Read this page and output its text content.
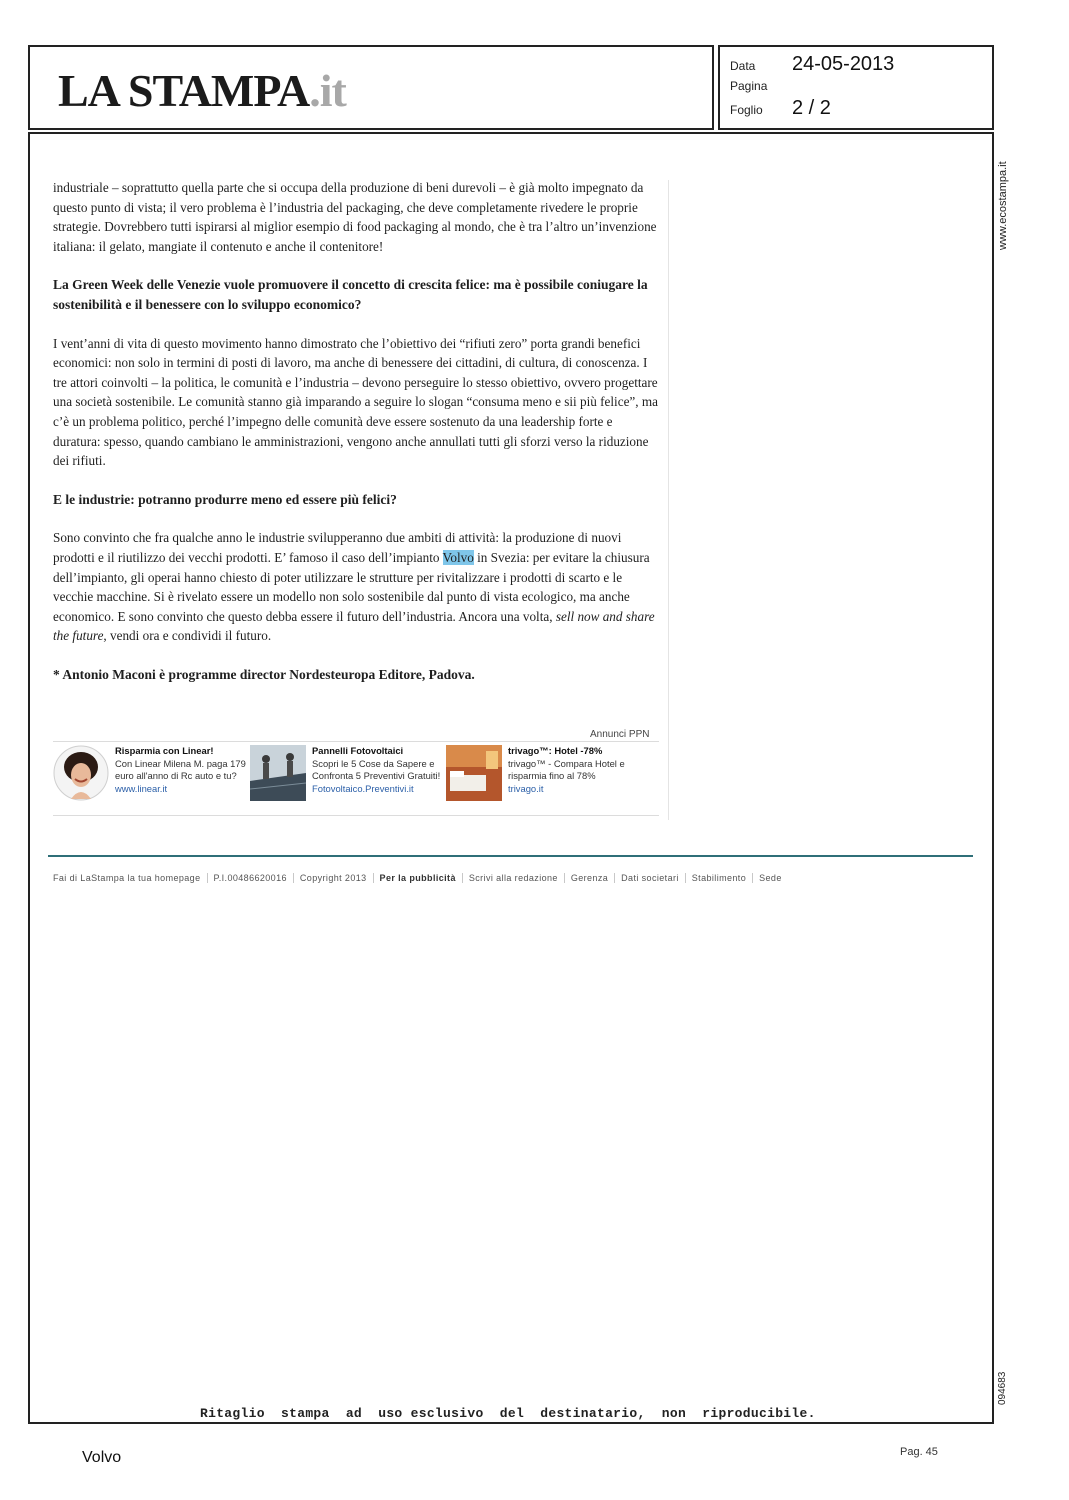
LA STAMPA.it	Data	24-05-2013
Pagina
Foglio	2 / 2
www.ecostampa.it
094683

industriale – soprattutto quella parte che si occupa della produzione di beni durevoli – è già molto impegnato da questo punto di vista; il vero problema è l’industria del packaging, che deve completamente rivedere le proprie strategie. Dovrebbero tutti ispirarsi al miglior esempio di food packaging al mondo, che è tra l’altro un’invenzione italiana: il gelato, mangiate il contenuto e anche il contenitore!

La Green Week delle Venezie vuole promuovere il concetto di crescita felice: ma è possibile coniugare la sostenibilità e il benessere con lo sviluppo economico?

I vent’anni di vita di questo movimento hanno dimostrato che l’obiettivo dei “rifiuti zero” porta grandi benefici economici: non solo in termini di posti di lavoro, ma anche di benessere dei cittadini, di cultura, di conoscenza. I tre attori coinvolti – la politica, le comunità e l’industria – devono perseguire lo stesso obiettivo, ovvero progettare una società sostenibile. Le comunità stanno già imparando a seguire lo slogan “consuma meno e sii più felice”, ma c’è un problema politico, perché l’impegno delle comunità deve essere sostenuto da una leadership forte e duratura: spesso, quando cambiano le amministrazioni, vengono anche annullati tutti gli sforzi verso la riduzione dei rifiuti.

E le industrie: potranno produrre meno ed essere più felici?

Sono convinto che fra qualche anno le industrie svilupperanno due ambiti di attività: la produzione di nuovi prodotti e il riutilizzo dei vecchi prodotti. E’ famoso il caso dell’impianto Volvo in Svezia: per evitare la chiusura dell’impianto, gli operai hanno chiesto di poter utilizzare le strutture per rivitalizzare i prodotti di scarto e le vecchie macchine. Si è rivelato essere un modello non solo sostenibile dal punto di vista ecologico, ma anche economico. E sono convinto che questo debba essere il futuro dell’industria. Ancora una volta, sell now and share the future, vendi ora e condividi il futuro.

* Antonio Maconi è programme director Nordesteuropa Editore, Padova.

Annunci PPN
Risparmia con Linear!
Con Linear Milena M. paga 179 euro all'anno di Rc auto e tu?
www.linear.it
Pannelli Fotovoltaici
Scopri le 5 Cose da Sapere e Confronta 5 Preventivi Gratuiti!
Fotovoltaico.Preventivi.it
trivago™: Hotel -78%
trivago™ - Compara Hotel e risparmia fino al 78%
trivago.it
Fai di LaStampa la tua homepage	P.I.00486620016	Copyright 2013	Per la pubblicità	Scrivi alla redazione	Gerenza	Dati societari	Stabilimento	Sede
Ritaglio  stampa  ad  uso esclusivo  del  destinatario,  non  riproducibile.
Volvo	Pag. 45
